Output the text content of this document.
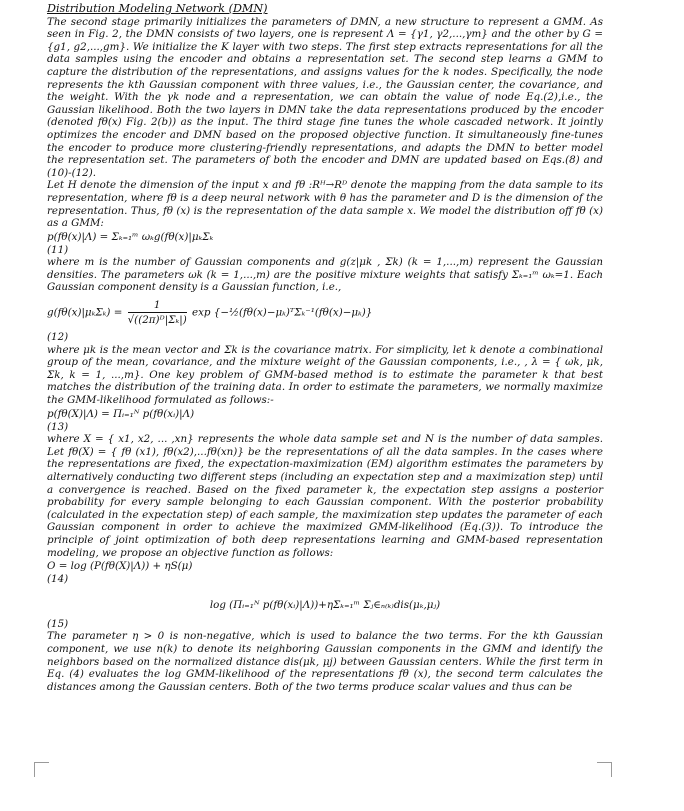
Distribution Modeling Network (DMN)

The second stage primarily initializes the parameters of DMN, a new structure to represent a GMM. As seen in Fig. 2, the DMN consists of two layers, one is represent Λ = {γ1, γ2,...,γm} and the other by G = {g1, g2,...,gm}. We initialize the K layer with two steps. The first step extracts representations for all the data samples using the encoder and obtains a representation set. The second step learns a GMM to capture the distribution of the representations, and assigns values for the k nodes. Specifically, the node represents the kth Gaussian component with three values, i.e., the Gaussian center, the covariance, and the weight. With the γk node and a representation, we can obtain the value of node Eq.(2),i.e., the Gaussian likelihood. Both the two layers in DMN take the data representations produced by the encoder (denoted fθ(x) Fig. 2(b)) as the input. The third stage fine tunes the whole cascaded network. It jointly optimizes the encoder and DMN based on the proposed objective function. It simultaneously fine-tunes the encoder to produce more clustering-friendly representations, and adapts the DMN to better model the representation set. The parameters of both the encoder and DMN are updated based on Eqs.(8) and (10)-(12).

Let H denote the dimension of the input x and fθ :Rᴴ→Rᴰ denote the mapping from the data sample to its representation, where fθ is a deep neural network with θ has the parameter and D is the dimension of the representation. Thus, fθ (x) is the representation of the data sample x. We model the distribution off fθ (x) as a GMM:

p(fθ(x)|Λ) = Σₖ₌₁ᵐ ωₖg(fθ(x)|μₖΣₖ
(11)

where m is the number of Gaussian components and g(z|μk , Σk) (k = 1,...,m) represent the Gaussian densities. The parameters ωk (k = 1,...,m) are the positive mixture weights that satisfy Σₖ₌₁ᵐ ωₖ=1. Each Gaussian component density is a Gaussian function, i.e.,

$g(f\theta(x)|\mu_k\Sigma_k) = \frac{1}{\text{√((2π)ᴰ|Σₖ|)}}$ exp {−½(fθ(x)−μₖ)ᵀΣₖ⁻¹(fθ(x)−μₖ)}
(12)

where μk is the mean vector and Σk is the covariance matrix. For simplicity, let k denote a combinational group of the mean, covariance, and the mixture weight of the Gaussian components, i.e., , λ = { ωk, μk, Σk, k = 1, ...,m}. One key problem of GMM-based method is to estimate the parameter k that best matches the distribution of the training data. In order to estimate the parameters, we normally maximize the GMM-likelihood formulated as follows:-

p(fθ(X)|Λ) = Πᵢ₌₁ᴺ p(fθ(xᵢ)|Λ)
(13)

where X = { x1, x2, ... ,xn} represents the whole data sample set and N is the number of data samples. Let fθ(X) = { fθ (x1), fθ(x2),...fθ(xn)} be the representations of all the data samples. In the cases where the representations are fixed, the expectation-maximization (EM) algorithm estimates the parameters by alternatively conducting two different steps (including an expectation step and a maximization step) until a convergence is reached. Based on the fixed parameter k, the expectation step assigns a posterior probability for every sample belonging to each Gaussian component. With the posterior probability (calculated in the expectation step) of each sample, the maximization step updates the parameter of each Gaussian component in order to achieve the maximized GMM-likelihood (Eq.(3)). To introduce the principle of joint optimization of both deep representations learning and GMM-based representation modeling, we propose an objective function as follows:

O = log (P(fθ(X)|Λ)) + ηS(μ)
(14)
log (Πᵢ₌₁ᴺ p(fθ(xᵢ)|Λ))+ηΣₖ₌₁ᵐ Σⱼ∈ₙ₍ₖ₎dis(μₖ,μⱼ)
(15)

The parameter η > 0 is non-negative, which is used to balance the two terms. For the kth Gaussian component, we use n(k) to denote its neighboring Gaussian components in the GMM and identify the neighbors based on the normalized distance dis(μk, μj) between Gaussian centers. While the first term in Eq. (4) evaluates the log GMM-likelihood of the representations fθ (x), the second term calculates the distances among the Gaussian centers. Both of the two terms produce scalar values and thus can be
